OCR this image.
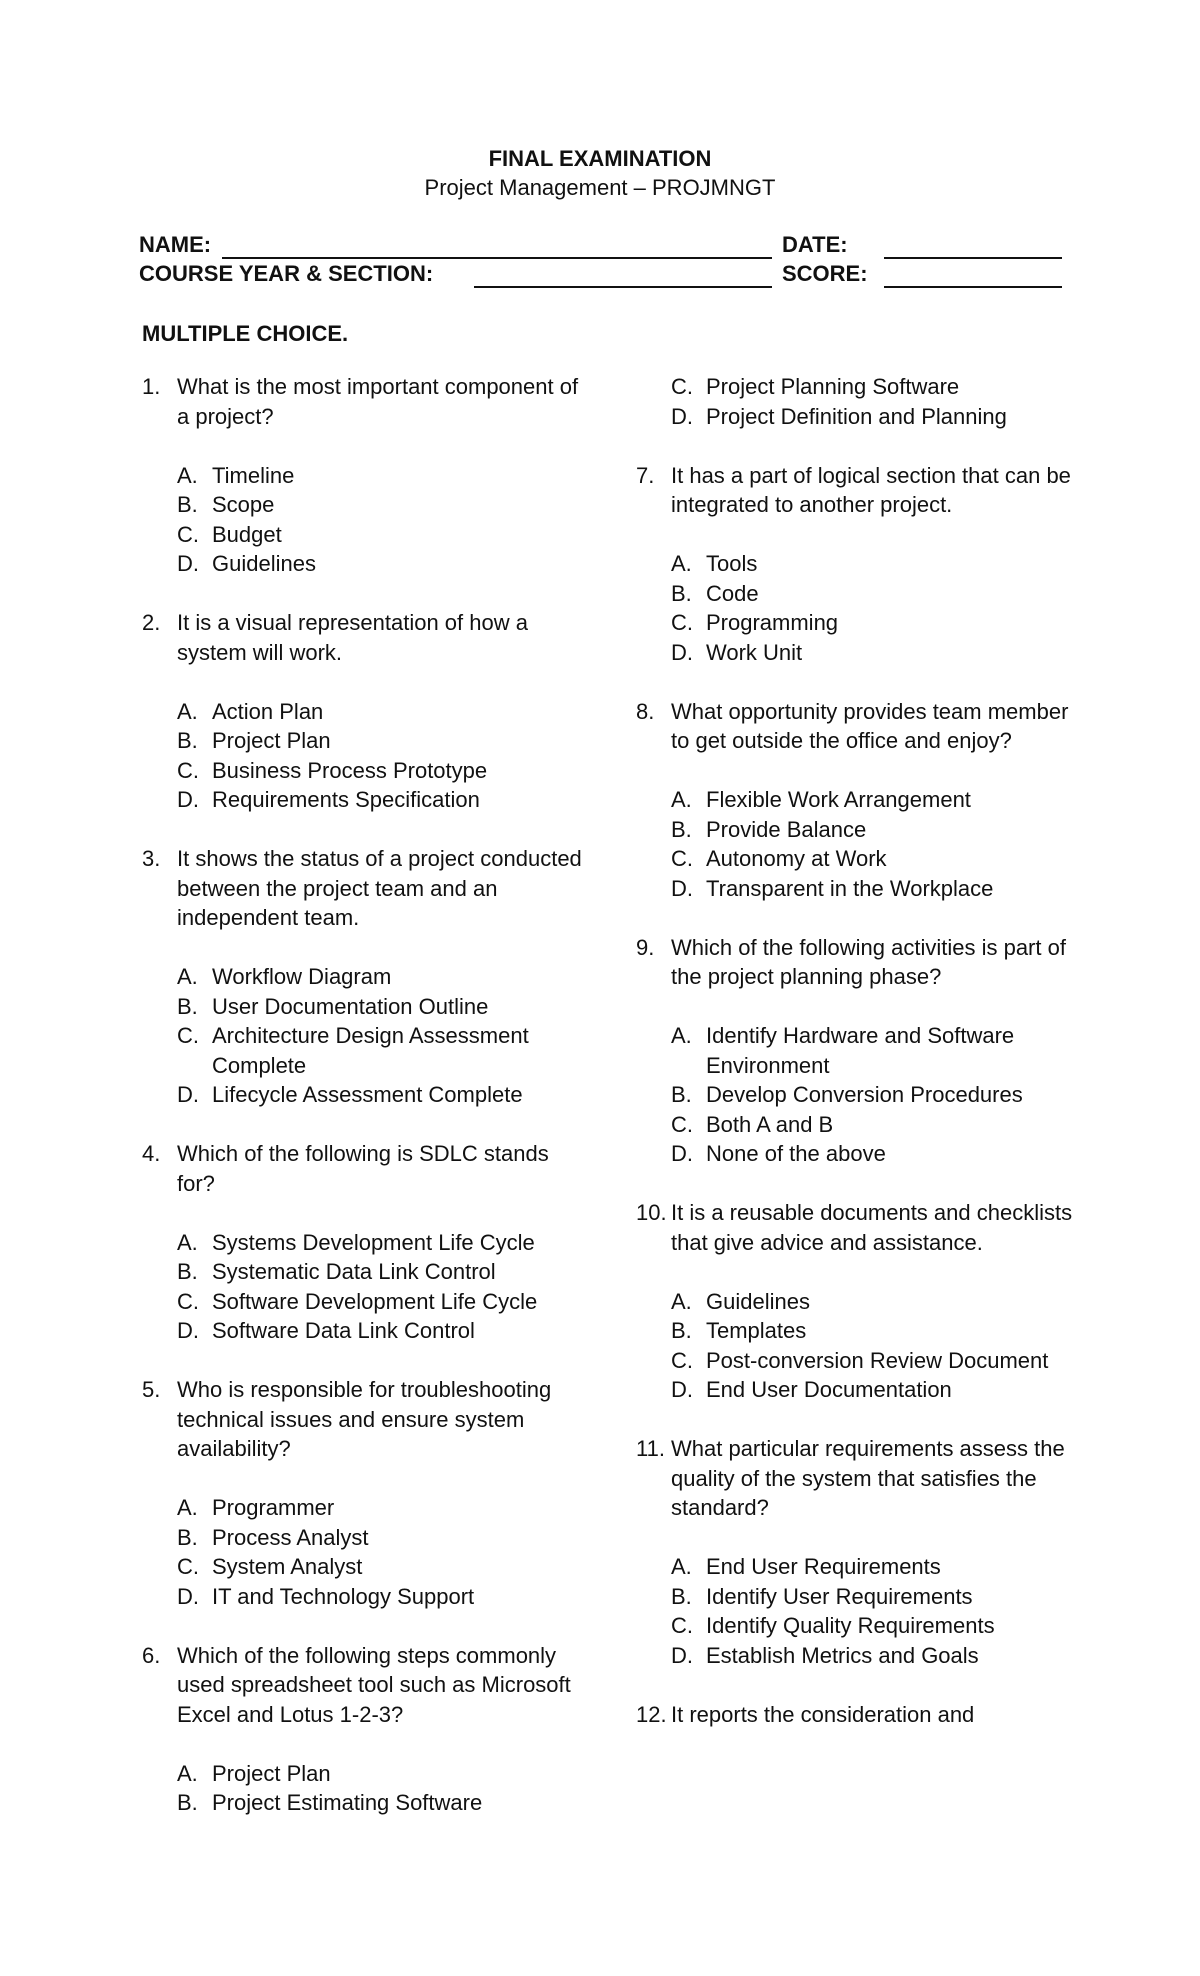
FINAL EXAMINATION
Project Management – PROJMNGT
NAME:	DATE:
COURSE YEAR & SECTION:	SCORE:
MULTIPLE CHOICE.
1. What is the most important component of a project?
A. Timeline
B. Scope
C. Budget
D. Guidelines
2. It is a visual representation of how a system will work.
A. Action Plan
B. Project Plan
C. Business Process Prototype
D. Requirements Specification
3. It shows the status of a project conducted between the project team and an independent team.
A. Workflow Diagram
B. User Documentation Outline
C. Architecture Design Assessment Complete
D. Lifecycle Assessment Complete
4. Which of the following is SDLC stands for?
A. Systems Development Life Cycle
B. Systematic Data Link Control
C. Software Development Life Cycle
D. Software Data Link Control
5. Who is responsible for troubleshooting technical issues and ensure system availability?
A. Programmer
B. Process Analyst
C. System Analyst
D. IT and Technology Support
6. Which of the following steps commonly used spreadsheet tool such as Microsoft Excel and Lotus 1-2-3?
A. Project Plan
B. Project Estimating Software
C. Project Planning Software
D. Project Definition and Planning
7. It has a part of logical section that can be integrated to another project.
A. Tools
B. Code
C. Programming
D. Work Unit
8. What opportunity provides team member to get outside the office and enjoy?
A. Flexible Work Arrangement
B. Provide Balance
C. Autonomy at Work
D. Transparent in the Workplace
9. Which of the following activities is part of the project planning phase?
A. Identify Hardware and Software Environment
B. Develop Conversion Procedures
C. Both A and B
D. None of the above
10. It is a reusable documents and checklists that give advice and assistance.
A. Guidelines
B. Templates
C. Post-conversion Review Document
D. End User Documentation
11. What particular requirements assess the quality of the system that satisfies the standard?
A. End User Requirements
B. Identify User Requirements
C. Identify Quality Requirements
D. Establish Metrics and Goals
12. It reports the consideration and
